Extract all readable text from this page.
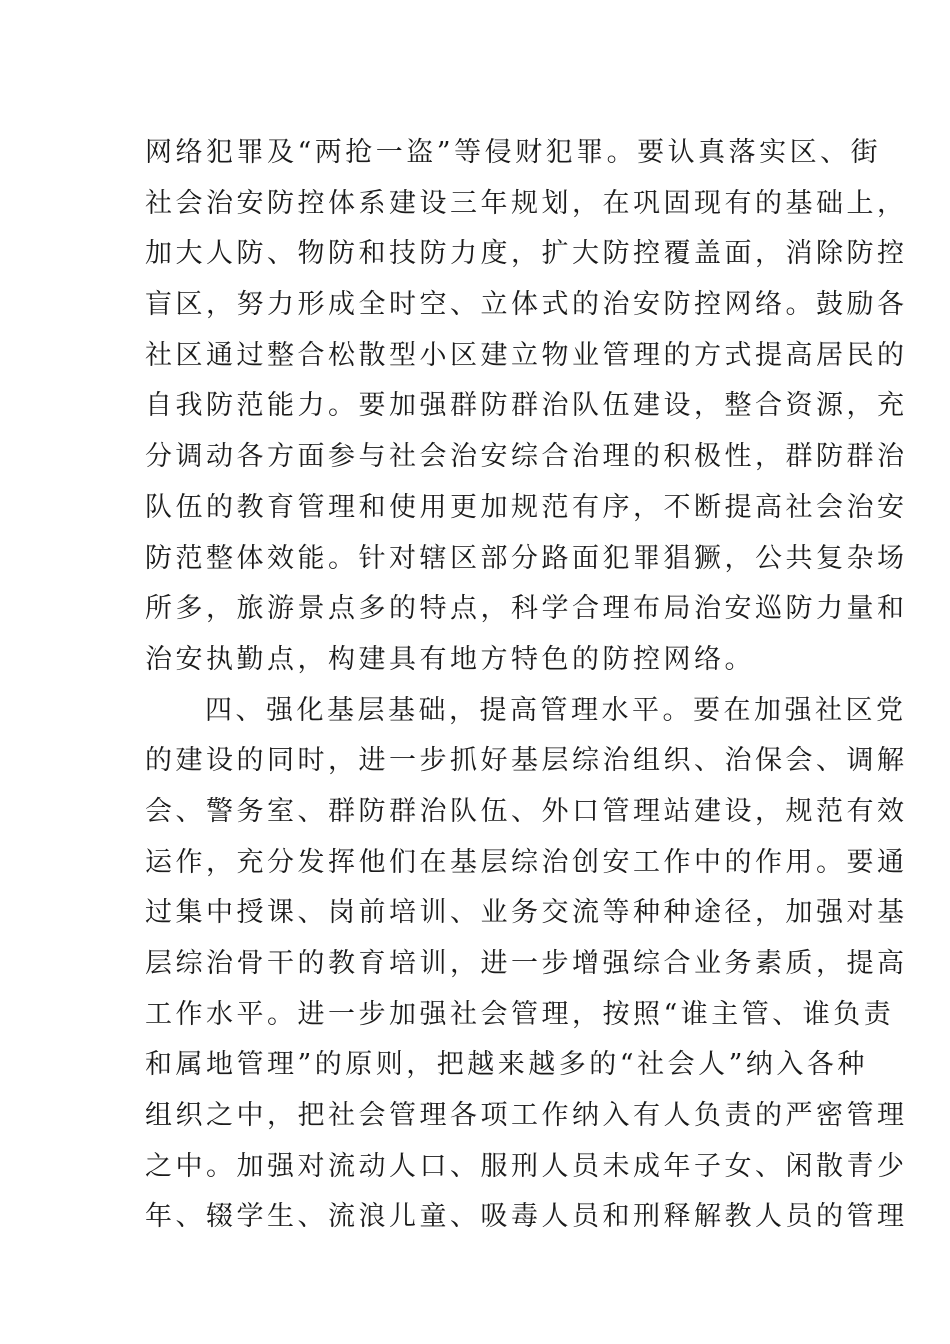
网络犯罪及“两抢一盗”等侵财犯罪。要认真落实区、街
社会治安防控体系建设三年规划，在巩固现有的基础上，
加大人防、物防和技防力度，扩大防控覆盖面，消除防控
盲区，努力形成全时空、立体式的治安防控网络。鼓励各
社区通过整合松散型小区建立物业管理的方式提高居民的
自我防范能力。要加强群防群治队伍建设，整合资源，充
分调动各方面参与社会治安综合治理的积极性，群防群治
队伍的教育管理和使用更加规范有序，不断提高社会治安
防范整体效能。针对辖区部分路面犯罪猖獗，公共复杂场
所多，旅游景点多的特点，科学合理布局治安巡防力量和
治安执勤点，构建具有地方特色的防控网络。
四、强化基层基础，提高管理水平。要在加强社区党
的建设的同时，进一步抓好基层综治组织、治保会、调解
会、警务室、群防群治队伍、外口管理站建设，规范有效
运作，充分发挥他们在基层综治创安工作中的作用。要通
过集中授课、岗前培训、业务交流等种种途径，加强对基
层综治骨干的教育培训，进一步增强综合业务素质，提高
工作水平。进一步加强社会管理，按照“谁主管、谁负责
和属地管理”的原则，把越来越多的“社会人”纳入各种
组织之中，把社会管理各项工作纳入有人负责的严密管理
之中。加强对流动人口、服刑人员未成年子女、闲散青少
年、辍学生、流浪儿童、吸毒人员和刑释解教人员的管理
